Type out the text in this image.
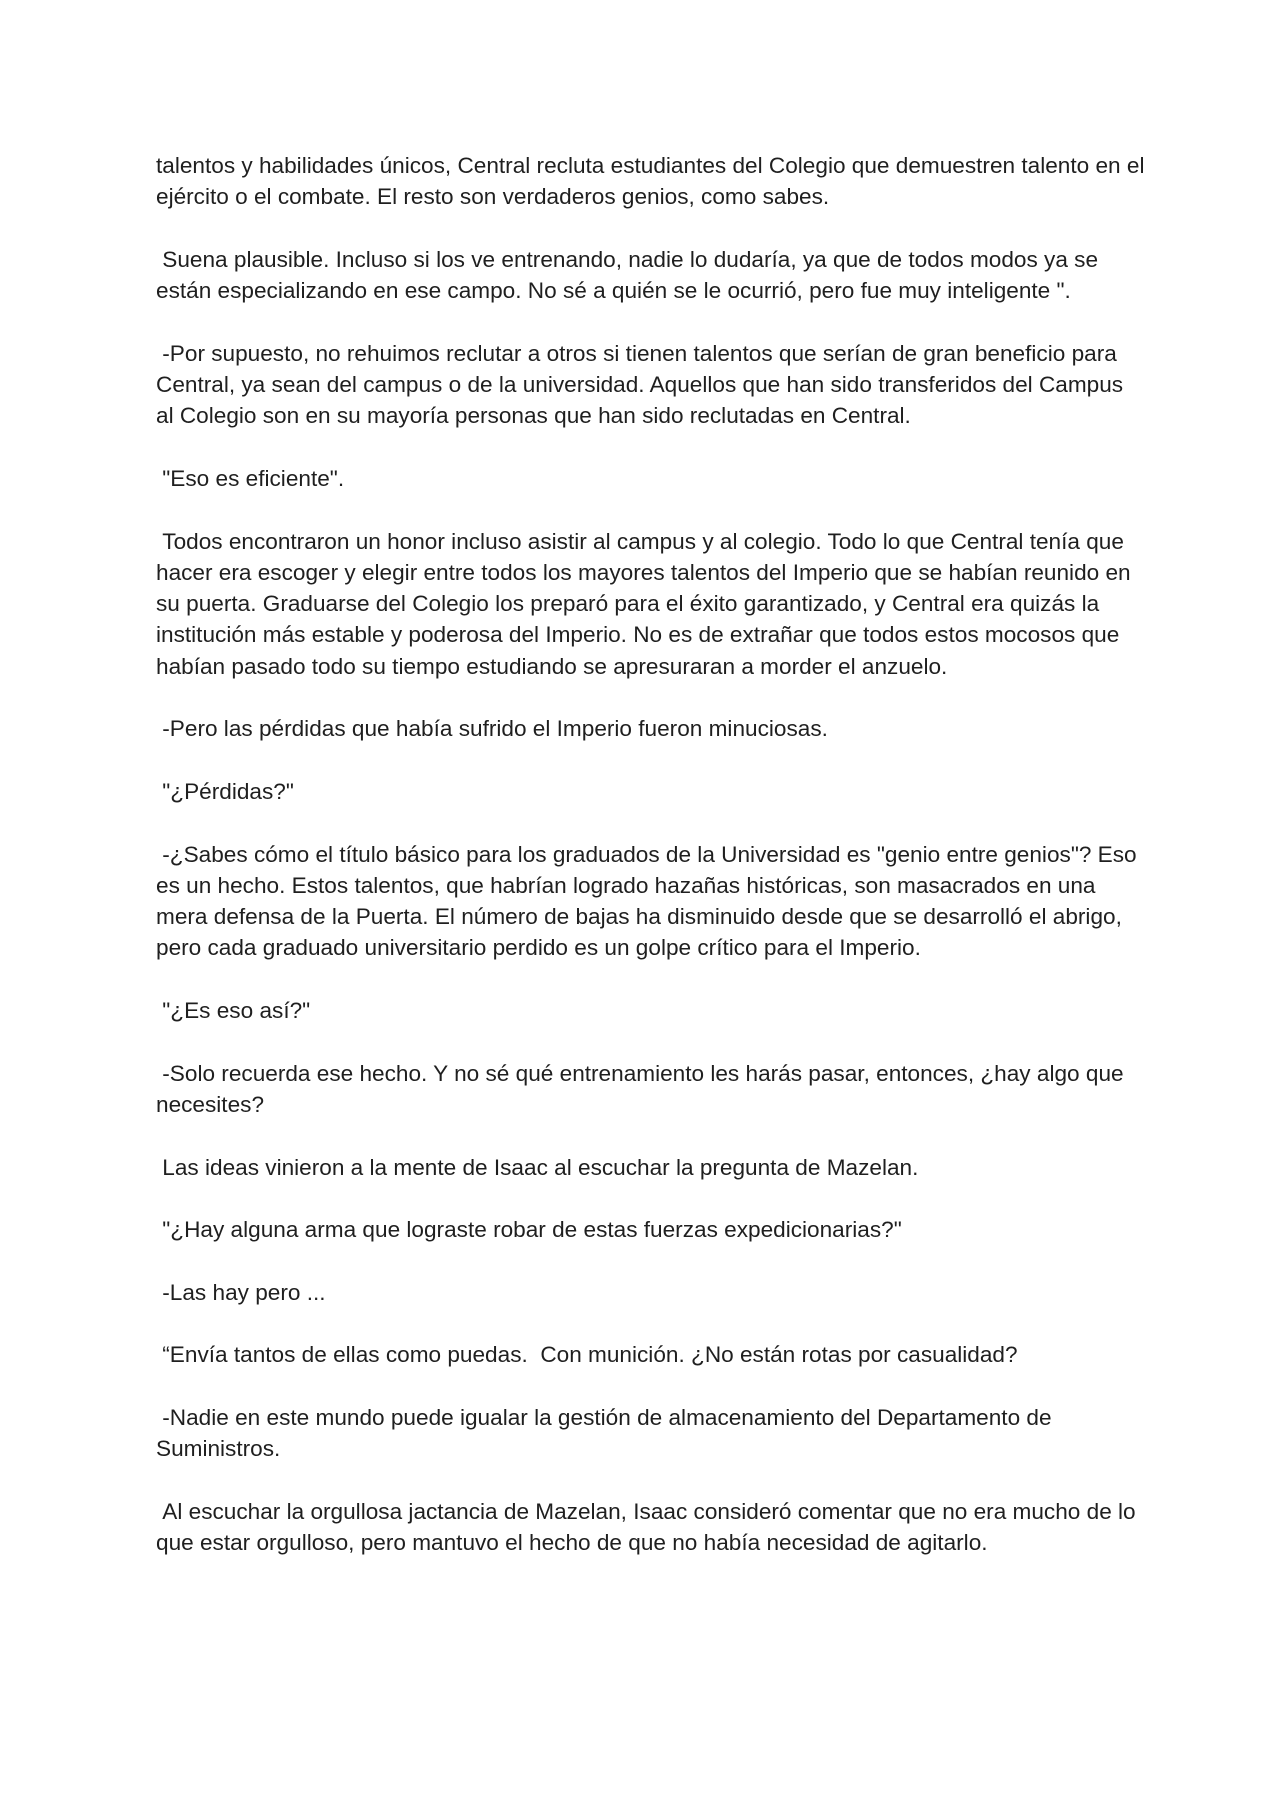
talentos y habilidades únicos, Central recluta estudiantes del Colegio que demuestren talento en el ejército o el combate. El resto son verdaderos genios, como sabes.

Suena plausible. Incluso si los ve entrenando, nadie lo dudaría, ya que de todos modos ya se están especializando en ese campo. No sé a quién se le ocurrió, pero fue muy inteligente ".

-Por supuesto, no rehuimos reclutar a otros si tienen talentos que serían de gran beneficio para Central, ya sean del campus o de la universidad. Aquellos que han sido transferidos del Campus al Colegio son en su mayoría personas que han sido reclutadas en Central.

"Eso es eficiente".

Todos encontraron un honor incluso asistir al campus y al colegio. Todo lo que Central tenía que hacer era escoger y elegir entre todos los mayores talentos del Imperio que se habían reunido en su puerta. Graduarse del Colegio los preparó para el éxito garantizado, y Central era quizás la institución más estable y poderosa del Imperio. No es de extrañar que todos estos mocosos que habían pasado todo su tiempo estudiando se apresuraran a morder el anzuelo.

-Pero las pérdidas que había sufrido el Imperio fueron minuciosas.

"¿Pérdidas?"

-¿Sabes cómo el título básico para los graduados de la Universidad es "genio entre genios"? Eso es un hecho. Estos talentos, que habrían logrado hazañas históricas, son masacrados en una mera defensa de la Puerta. El número de bajas ha disminuido desde que se desarrolló el abrigo, pero cada graduado universitario perdido es un golpe crítico para el Imperio.

"¿Es eso así?"

-Solo recuerda ese hecho. Y no sé qué entrenamiento les harás pasar, entonces, ¿hay algo que necesites?

Las ideas vinieron a la mente de Isaac al escuchar la pregunta de Mazelan.

"¿Hay alguna arma que lograste robar de estas fuerzas expedicionarias?"

-Las hay pero ...

“Envía tantos de ellas como puedas.  Con munición. ¿No están rotas por casualidad?

-Nadie en este mundo puede igualar la gestión de almacenamiento del Departamento de Suministros.

Al escuchar la orgullosa jactancia de Mazelan, Isaac consideró comentar que no era mucho de lo que estar orgulloso, pero mantuvo el hecho de que no había necesidad de agitarlo.
